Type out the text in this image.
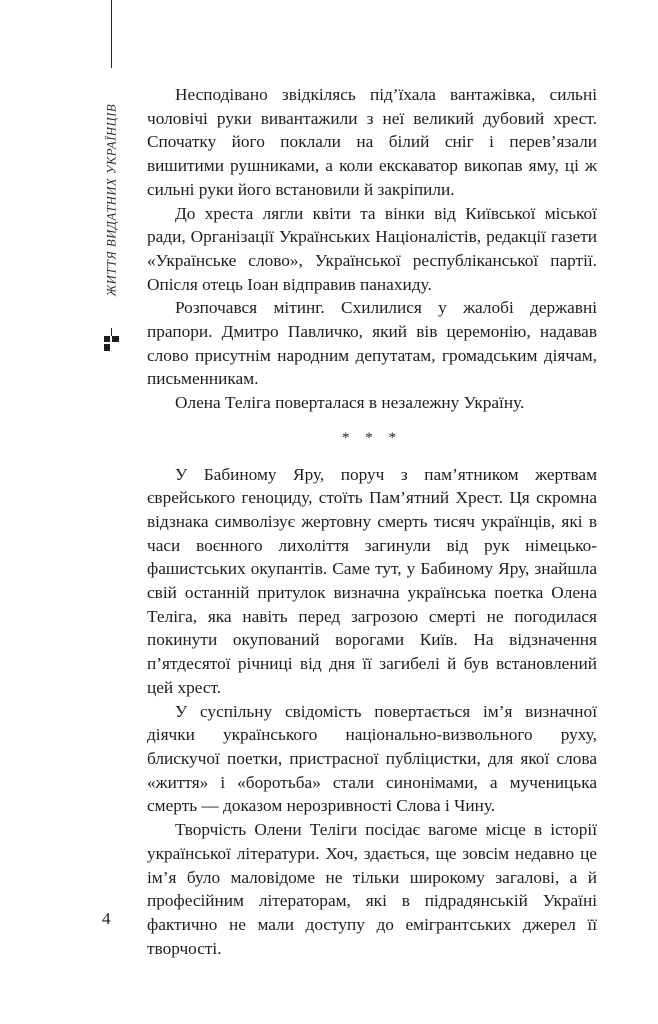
ЖИТТЯ ВИДАТНИХ УКРАЇНЦІВ

Несподівано звідкілясь під’їхала вантажівка, сильні чоловічі руки вивантажили з неї великий дубовий хрест. Спочатку його поклали на білий сніг і перев’язали вишитими рушниками, а коли екскаватор викопав яму, ці ж сильні руки його встановили й закріпили.

До хреста лягли квіти та вінки від Київської міської ради, Організації Українських Націоналістів, редакції газети «Українське слово», Української республіканської партії. Опісля отець Іоан відправив панахиду.

Розпочався мітинг. Схилилися у жалобі державні прапори. Дмитро Павличко, який вів церемонію, надавав слово присутнім народним депутатам, громадським діячам, письменникам.

Олена Теліга поверталася в незалежну Україну.

* * *

У Бабиному Яру, поруч з пам’ятником жертвам єврейського геноциду, стоїть Пам’ятний Хрест. Ця скромна відзнака символізує жертовну смерть тисяч українців, які в часи воєнного лихоліття загинули від рук німецько-фашистських окупантів. Саме тут, у Бабиному Яру, знайшла свій останній притулок визначна українська поетка Олена Теліга, яка навіть перед загрозою смерті не погодилася покинути окупований ворогами Київ. На відзначення п’ятдесятої річниці від дня її загибелі й був встановлений цей хрест.

У суспільну свідомість повертається ім’я визначної діячки українського національно-визвольного руху, блискучої поетки, пристрасної публіцистки, для якої слова «життя» і «боротьба» стали синонімами, а мученицька смерть — доказом нерозривності Слова і Чину.

Творчість Олени Теліги посідає вагоме місце в історії української літератури. Хоч, здається, ще зовсім недавно це ім’я було маловідоме не тільки широкому загалові, а й професійним літераторам, які в підрадянській Україні фактично не мали доступу до емігрантських джерел її творчості.

4
